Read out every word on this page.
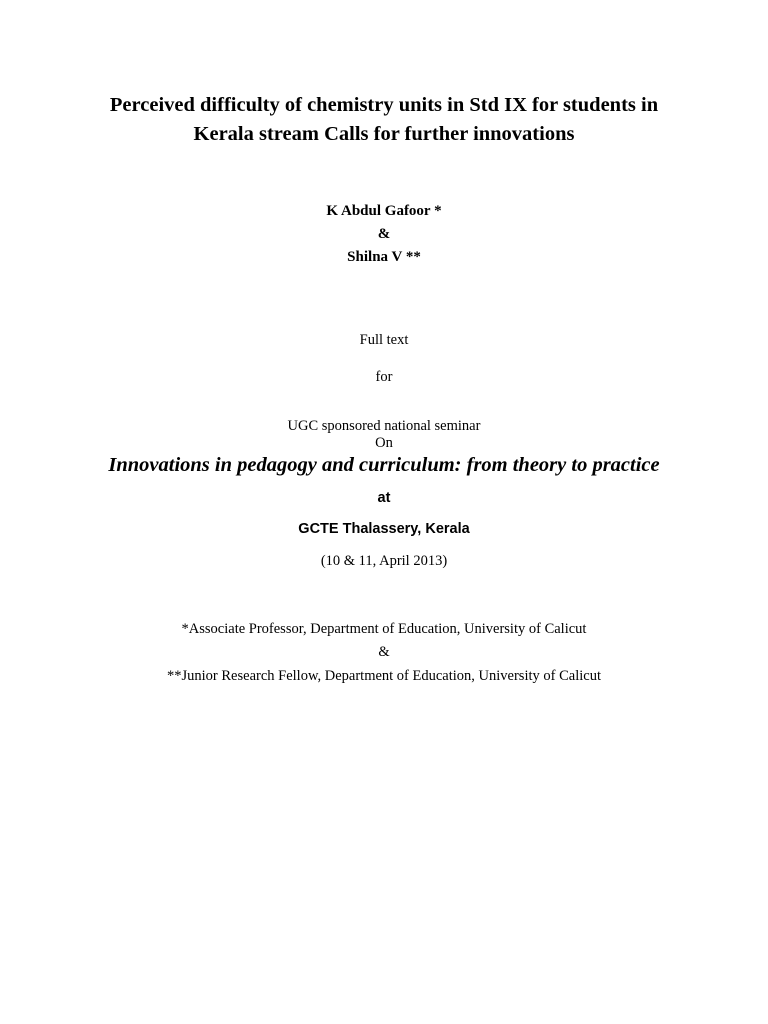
Perceived difficulty of chemistry units in Std IX for students in
Kerala stream Calls for further innovations
K Abdul Gafoor *
&
Shilna V **
Full text
for
UGC sponsored national seminar
On
Innovations in pedagogy and curriculum: from theory to practice
at
GCTE Thalassery, Kerala
(10 & 11, April 2013)
*Associate Professor, Department of Education, University of Calicut
&
**Junior Research Fellow, Department of Education, University of Calicut
